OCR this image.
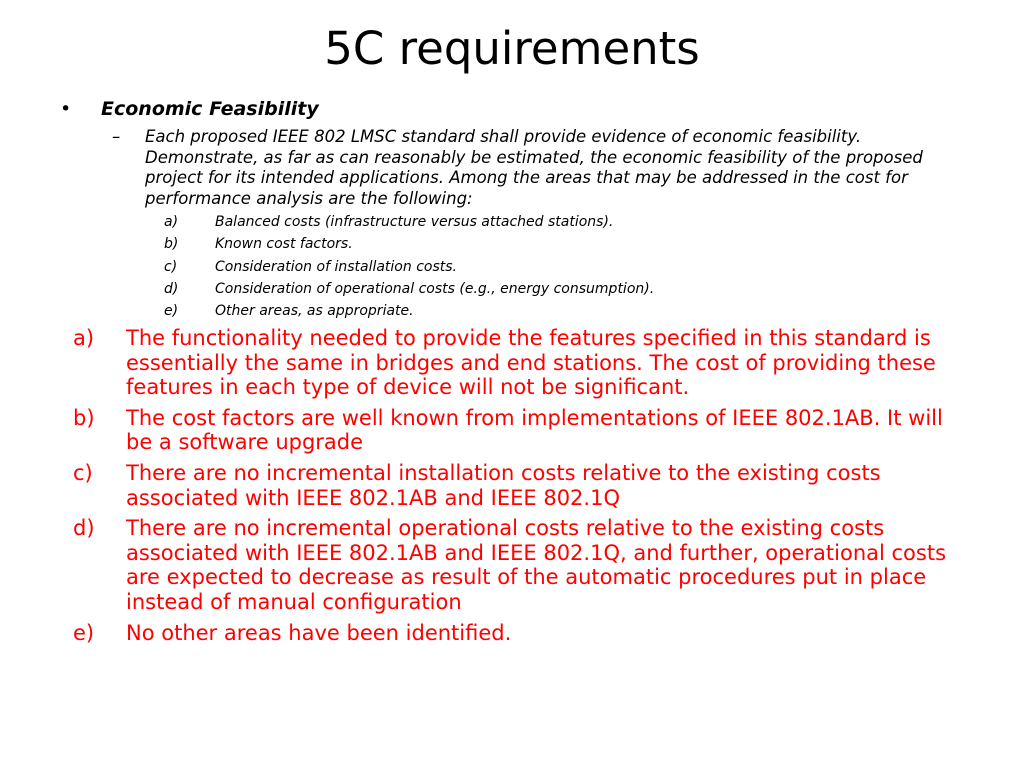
5C requirements
•	Economic Feasibility
–	Each proposed IEEE 802 LMSC standard shall provide evidence of economic feasibility. Demonstrate, as far as can reasonably be estimated, the economic feasibility of the proposed project for its intended applications. Among the areas that may be addressed in the cost for performance analysis are the following:
a)	Balanced costs (infrastructure versus attached stations).
b)	Known cost factors.
c)	Consideration of installation costs.
d)	Consideration of operational costs (e.g., energy consumption).
e)	Other areas, as appropriate.
a)	The functionality needed to provide the features specified in this standard is essentially the same in bridges and end stations. The cost of providing these features in each type of device will not be significant.
b)	The cost factors are well known from implementations of IEEE 802.1AB. It will be a software upgrade
c)	There are no incremental installation costs relative to the existing costs associated with IEEE 802.1AB and IEEE 802.1Q
d)	There are no incremental operational costs relative to the existing costs associated with IEEE 802.1AB and IEEE 802.1Q, and further, operational costs are expected to decrease as result of the automatic procedures put in place instead of manual configuration
e)	No other areas have been identified.
